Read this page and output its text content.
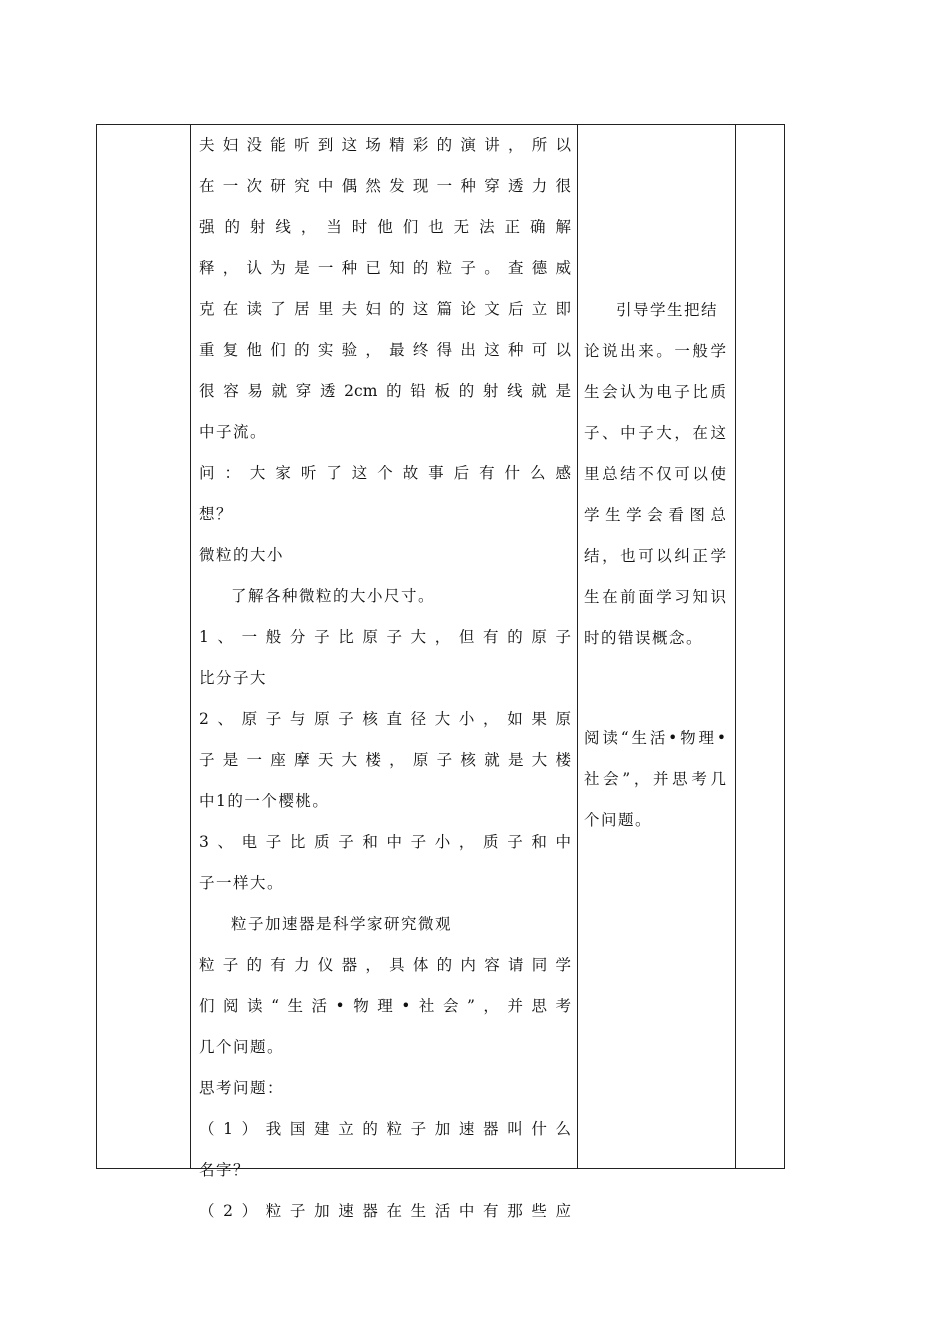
夫妇没能听到这场精彩的演讲，所以
在一次研究中偶然发现一种穿透力很
强的射线，当时他们也无法正确解
释，认为是一种已知的粒子。查德威
克在读了居里夫妇的这篇论文后立即
重复他们的实验，最终得出这种可以
很容易就穿透2cm的铅板的射线就是
中子流。
问：大家听了这个故事后有什么感
想？
微粒的大小
了解各种微粒的大小尺寸。
1、一般分子比原子大，但有的原子
比分子大
2、原子与原子核直径大小，如果原
子是一座摩天大楼，原子核就是大楼
中1的一个樱桃。
3、电子比质子和中子小，质子和中
子一样大。
粒子加速器是科学家研究微观
粒子的有力仪器，具体的内容请同学
们阅读“生活•物理•社会”，并思考
几个问题。
思考问题：
（1）我国建立的粒子加速器叫什么
名字？
（2）粒子加速器在生活中有那些应
引导学生把结
论说出来。一般学
生会认为电子比质
子、中子大，在这
里总结不仅可以使
学生学会看图总
结，也可以纠正学
生在前面学习知识
时的错误概念。
阅读“生活•物理•
社会”，并思考几
个问题。
